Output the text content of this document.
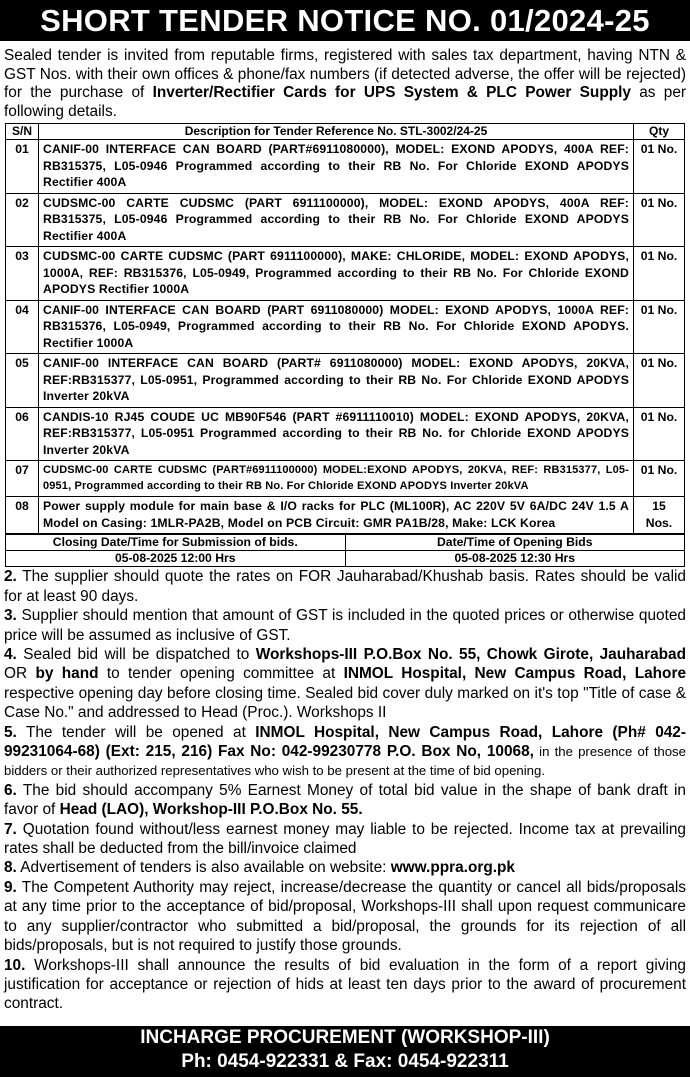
SHORT TENDER NOTICE NO. 01/2024-25
Sealed tender is invited from reputable firms, registered with sales tax department, having NTN & GST Nos. with their own offices & phone/fax numbers (if detected adverse, the offer will be rejected) for the purchase of Inverter/Rectifier Cards for UPS System & PLC Power Supply as per following details.
S/N	Description for Tender Reference No. STL-3002/24-25	Qty
01	CANIF-00 INTERFACE CAN BOARD (PART#6911080000), MODEL: EXOND APODYS, 400A REF: RB315375, L05-0946 Programmed according to their RB No. For Chloride EXOND APODYS Rectifier 400A	01 No.
02	CUDSMC-00 CARTE CUDSMC (PART 6911100000), MODEL: EXOND APODYS, 400A REF: RB315375, L05-0946 Programmed according to their RB No. For Chloride EXOND APODYS Rectifier 400A	01 No.
03	CUDSMC-00 CARTE CUDSMC (PART 6911100000), MAKE: CHLORIDE, MODEL: EXOND APODYS, 1000A, REF: RB315376, L05-0949, Programmed according to their RB No. For Chloride EXOND APODYS Rectifier 1000A	01 No.
04	CANIF-00 INTERFACE CAN BOARD (PART 6911080000) MODEL: EXOND APODYS, 1000A REF: RB315376, L05-0949, Programmed according to their RB No. For Chloride EXOND APODYS. Rectifier 1000A	01 No.
05	CANIF-00 INTERFACE CAN BOARD (PART# 6911080000) MODEL: EXOND APODYS, 20KVA, REF:RB315377, L05-0951, Programmed according to their RB No. For Chloride EXOND APODYS Inverter 20kVA	01 No.
06	CANDIS-10 RJ45 COUDE UC MB90F546 (PART #6911110010) MODEL: EXOND APODYS, 20KVA, REF:RB315377, L05-0951 Programmed according to their RB No. for Chloride EXOND APODYS Inverter 20kVA	01 No.
07	CUDSMC-00 CARTE CUDSMC (PART#6911100000) MODEL:EXOND APODYS, 20KVA, REF: RB315377, L05-0951, Programmed according to their RB No. For Chloride EXOND APODYS Inverter 20kVA	01 No.
08	Power supply module for main base & I/O racks for PLC (ML100R), AC 220V 5V 6A/DC 24V 1.5 A Model on Casing: 1MLR-PA2B, Model on PCB Circuit: GMR PA1B/28, Make: LCK Korea	15 Nos.
Closing Date/Time for Submission of bids.	Date/Time of Opening Bids
05-08-2025 12:00 Hrs	05-08-2025 12:30 Hrs

2. The supplier should quote the rates on FOR Jauharabad/Khushab basis. Rates should be valid for at least 90 days.

3. Supplier should mention that amount of GST is included in the quoted prices or otherwise quoted price will be assumed as inclusive of GST.

4. Sealed bid will be dispatched to Workshops-III P.O.Box No. 55, Chowk Girote, Jauharabad OR by hand to tender opening committee at INMOL Hospital, New Campus Road, Lahore respective opening day before closing time. Sealed bid cover duly marked on it's top "Title of case & Case No." and addressed to Head (Proc.). Workshops II

5. The tender will be opened at INMOL Hospital, New Campus Road, Lahore (Ph# 042-99231064-68) (Ext: 215, 216) Fax No: 042-99230778 P.O. Box No, 10068, in the presence of those bidders or their authorized representatives who wish to be present at the time of bid opening.

6. The bid should accompany 5% Earnest Money of total bid value in the shape of bank draft in favor of Head (LAO), Workshop-III P.O.Box No. 55.

7. Quotation found without/less earnest money may liable to be rejected. Income tax at prevailing rates shall be deducted from the bill/invoice claimed

8. Advertisement of tenders is also available on website: www.ppra.org.pk

9. The Competent Authority may reject, increase/decrease the quantity or cancel all bids/proposals at any time prior to the acceptance of bid/proposal, Workshops-III shall upon request communicare to any supplier/contractor who submitted a bid/proposal, the grounds for its rejection of all bids/proposals, but is not required to justify those grounds.

10. Workshops-III shall announce the results of bid evaluation in the form of a report giving justification for acceptance or rejection of hids at least ten days prior to the award of procurement contract.

INCHARGE PROCUREMENT (WORKSHOP-III)
Ph: 0454-922331 & Fax: 0454-922311
